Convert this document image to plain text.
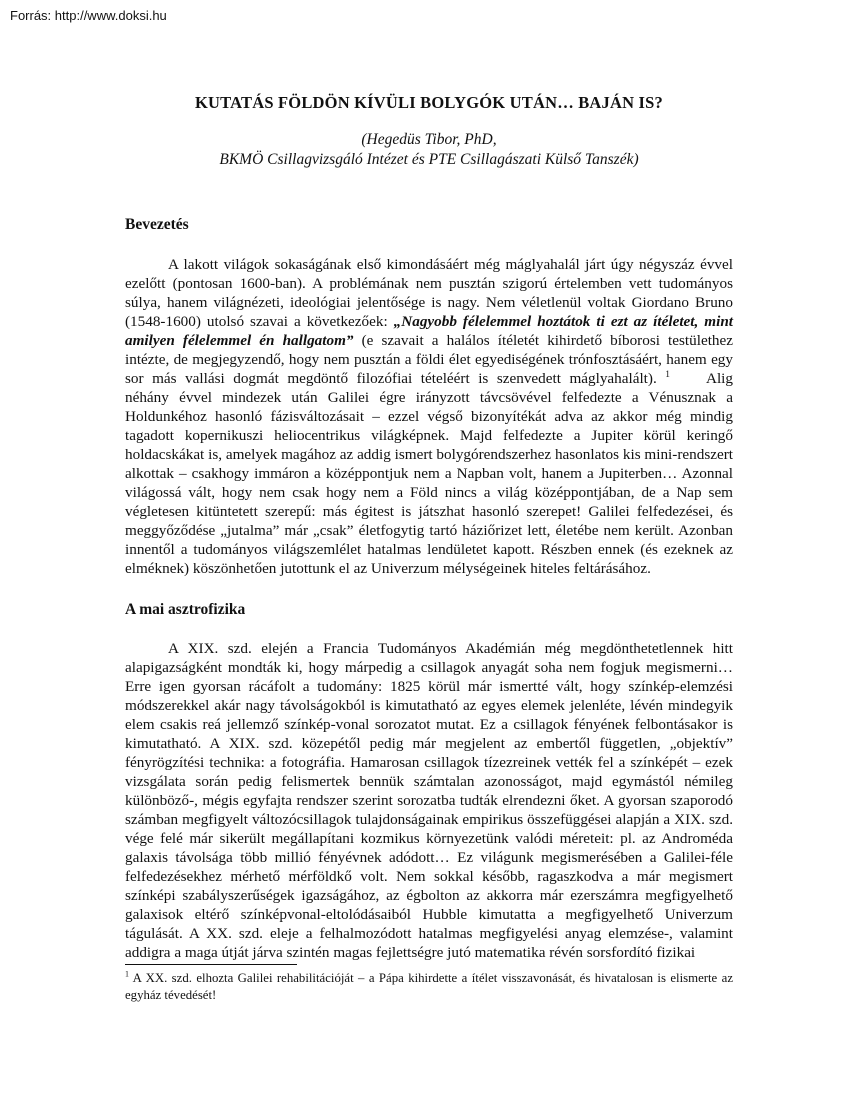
Forrás: http://www.doksi.hu
KUTATÁS FÖLDÖN KÍVÜLI BOLYGÓK UTÁN… BAJÁN IS?
(Hegedüs Tibor, PhD,
BKMÖ Csillagvizsgáló Intézet és PTE Csillagászati Külső Tanszék)
Bevezetés

A lakott világok sokaságának első kimondásáért még máglyahalál járt úgy négyszáz évvel ezelőtt (pontosan 1600-ban). A problémának nem pusztán szigorú értelemben vett tudományos súlya, hanem világnézeti, ideológiai jelentősége is nagy. Nem véletlenül voltak Giordano Bruno (1548-1600) utolsó szavai a következőek: „Nagyobb félelemmel hoztátok ti ezt az ítéletet, mint amilyen félelemmel én hallgatom” (e szavait a halálos ítéletét kihirdető bíborosi testülethez intézte, de megjegyzendő, hogy nem pusztán a földi élet egyediségének trónfosztásáért, hanem egy sor más vallási dogmát megdöntő filozófiai tételéért is szenvedett máglyahalált). $^1$ Alig néhány évvel mindezek után Galilei égre irányzott távcsövével felfedezte a Vénusznak a Holdunkéhoz hasonló fázisváltozásait – ezzel végső bizonyítékát adva az akkor még mindig tagadott kopernikuszi heliocentrikus világképnek. Majd felfedezte a Jupiter körül keringő holdacskákat is, amelyek magához az addig ismert bolygórendszerhez hasonlatos kis mini-rendszert alkottak – csakhogy immáron a középpontjuk nem a Napban volt, hanem a Jupiterben… Azonnal világossá vált, hogy nem csak hogy nem a Föld nincs a világ középpontjában, de a Nap sem végletesen kitüntetett szerepű: más égitest is játszhat hasonló szerepet! Galilei felfedezései, és meggyőződése „jutalma” már „csak” életfogytig tartó háziőrizet lett, életébe nem került. Azonban innentől a tudományos világszemlélet hatalmas lendületet kapott. Részben ennek (és ezeknek az elméknek) köszönhetően jutottunk el az Univerzum mélységeinek hiteles feltárásához.

A mai asztrofizika

A XIX. szd. elején a Francia Tudományos Akadémián még megdönthetetlennek hitt alapigazságként mondták ki, hogy márpedig a csillagok anyagát soha nem fogjuk megismerni… Erre igen gyorsan rácáfolt a tudomány: 1825 körül már ismertté vált, hogy színkép-elemzési módszerekkel akár nagy távolságokból is kimutatható az egyes elemek jelenléte, lévén mindegyik elem csakis reá jellemző színkép-vonal sorozatot mutat. Ez a csillagok fényének felbontásakor is kimutatható. A XIX. szd. közepétől pedig már megjelent az embertől független, „objektív” fényrögzítési technika: a fotográfia. Hamarosan csillagok tízezreinek vették fel a színképét – ezek vizsgálata során pedig felismertek bennük számtalan azonosságot, majd egymástól némileg különböző-, mégis egyfajta rendszer szerint sorozatba tudták elrendezni őket. A gyorsan szaporodó számban megfigyelt változócsillagok tulajdonságainak empirikus összefüggései alapján a XIX. szd. vége felé már sikerült megállapítani kozmikus környezetünk valódi méreteit: pl. az Androméda galaxis távolsága több millió fényévnek adódott… Ez világunk megismerésében a Galilei-féle felfedezésekhez mérhető mérföldkő volt. Nem sokkal később, ragaszkodva a már megismert színképi szabályszerűségek igazságához, az égbolton az akkorra már ezerszámra megfigyelhető galaxisok eltérő színképvonal-eltolódásaiból Hubble kimutatta a megfigyelhető Univerzum tágulását. A XX. szd. eleje a felhalmozódott hatalmas megfigyelési anyag elemzése-, valamint addigra a maga útját járva szintén magas fejlettségre jutó matematika révén sorsfordító fizikai

$^1$ A XX. szd. elhozta Galilei rehabilitációját – a Pápa kihirdette a ítélet visszavonását, és hivatalosan is elismerte az egyház tévedését!
